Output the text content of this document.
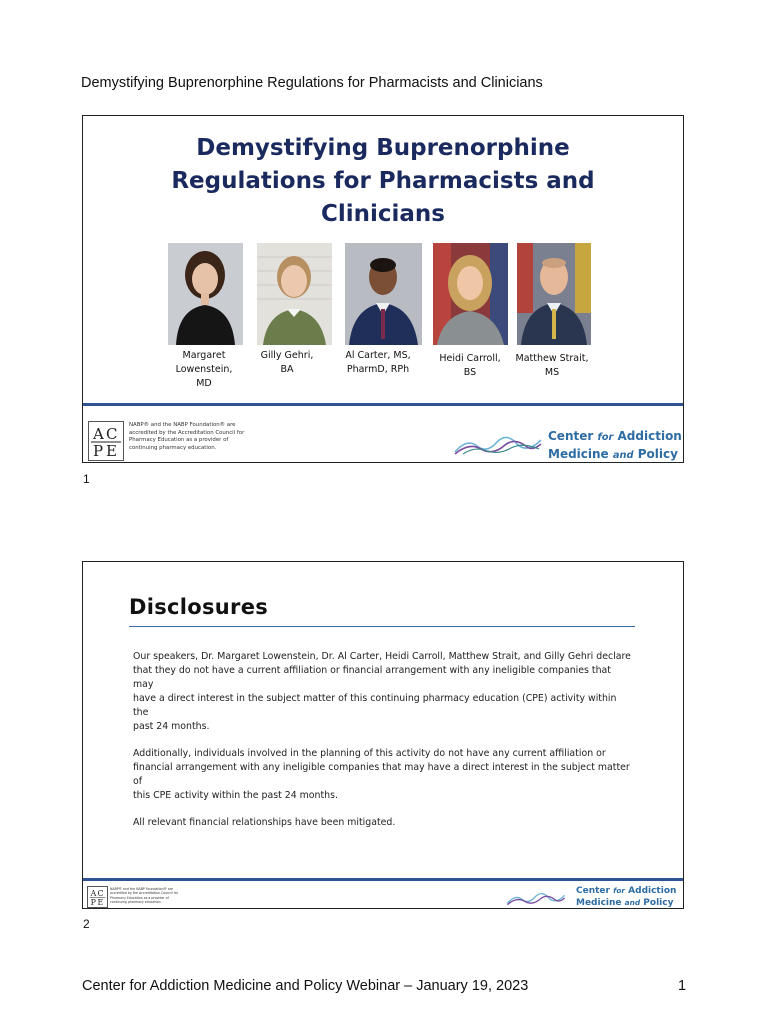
Demystifying Buprenorphine Regulations for Pharmacists and Clinicians
Demystifying Buprenorphine
Regulations for Pharmacists and
Clinicians
Margaret
Lowenstein,
MD
Gilly Gehri,
BA
Al Carter, MS,
PharmD, RPh
Heidi Carroll,
BS
Matthew Strait,
MS
A C
P E
NABP® and the NABP Foundation® are
accredited by the Accreditation Council for
Pharmacy Education as a provider of
continuing pharmacy education.
Center for Addiction
Medicine and Policy
1
Disclosures

Our speakers, Dr. Margaret Lowenstein, Dr. Al Carter, Heidi Carroll, Matthew Strait, and Gilly Gehri declare
that they do not have a current affiliation or financial arrangement with any ineligible companies that may
have a direct interest in the subject matter of this continuing pharmacy education (CPE) activity within the
past 24 months.

Additionally, individuals involved in the planning of this activity do not have any current affiliation or
financial arrangement with any ineligible companies that may have a direct interest in the subject matter of
this CPE activity within the past 24 months.

All relevant financial relationships have been mitigated.

A C
P E
NABP® and the NABP Foundation® are
accredited by the Accreditation Council for
Pharmacy Education as a provider of
continuing pharmacy education.
Center for Addiction
Medicine and Policy
2
Center for Addiction Medicine and Policy Webinar – January 19, 2023	1
